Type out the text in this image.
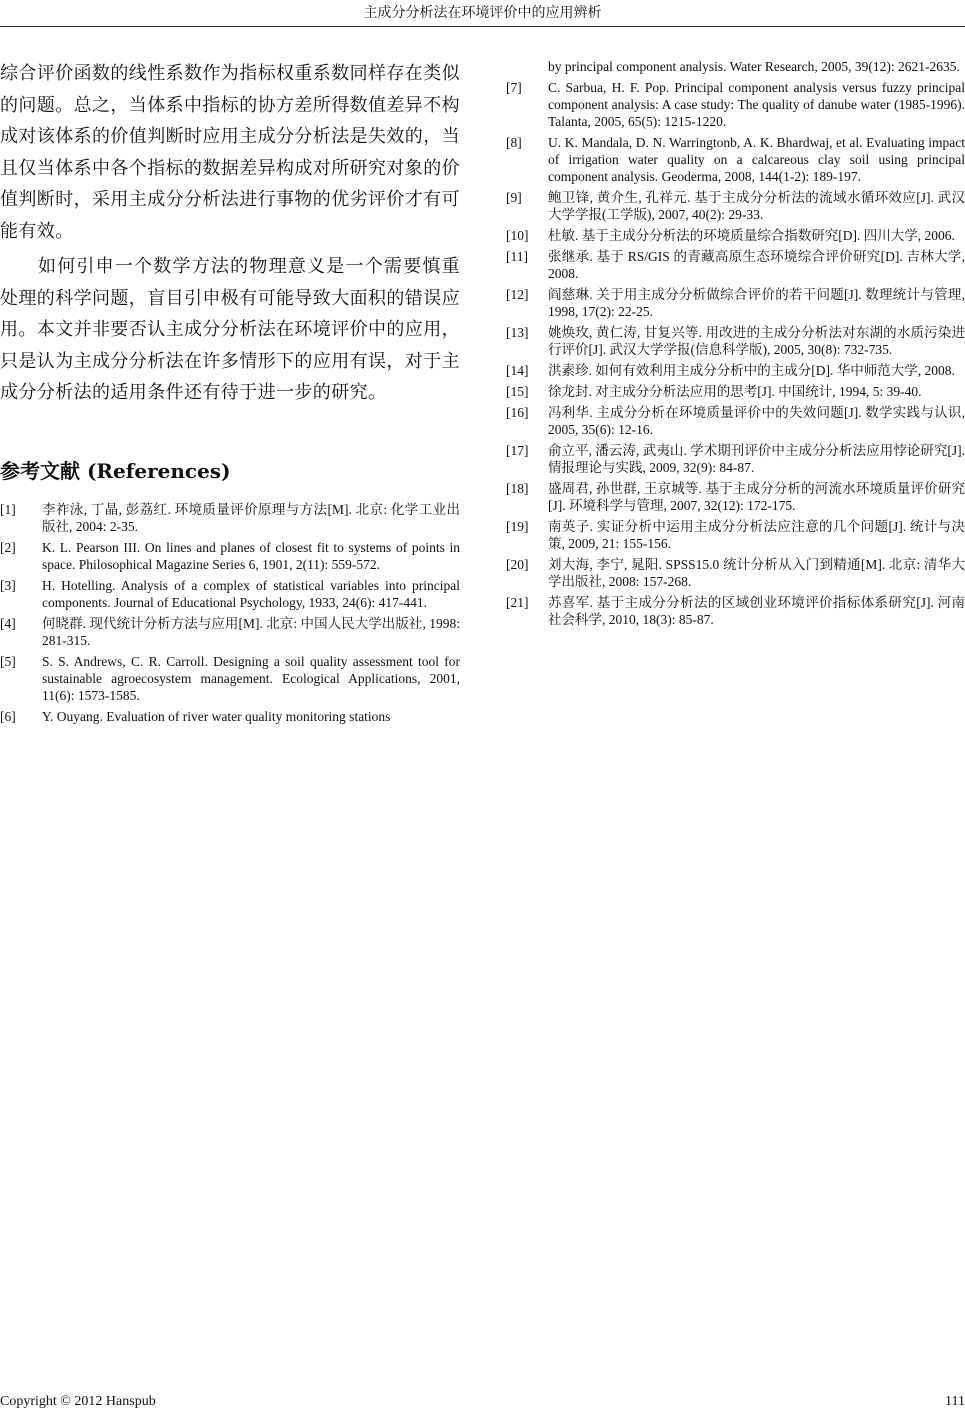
主成分分析法在环境评价中的应用辨析

综合评价函数的线性系数作为指标权重系数同样存在类似的问题。总之，当体系中指标的协方差所得数值差异不构成对该体系的价值判断时应用主成分分析法是失效的，当且仅当体系中各个指标的数据差异构成对所研究对象的价值判断时，采用主成分分析法进行事物的优劣评价才有可能有效。

如何引申一个数学方法的物理意义是一个需要慎重处理的科学问题，盲目引申极有可能导致大面积的错误应用。本文并非要否认主成分分析法在环境评价中的应用，只是认为主成分分析法在许多情形下的应用有误，对于主成分分析法的适用条件还有待于进一步的研究。

参考文献 (References)
[1]	李祚泳, 丁晶, 彭荔红. 环境质量评价原理与方法[M]. 北京: 化学工业出版社, 2004: 2-35.
[2]	K. L. Pearson III. On lines and planes of closest fit to systems of points in space. Philosophical Magazine Series 6, 1901, 2(11): 559-572.
[3]	H. Hotelling. Analysis of a complex of statistical variables into principal components. Journal of Educational Psychology, 1933, 24(6): 417-441.
[4]	何晓群. 现代统计分析方法与应用[M]. 北京: 中国人民大学出版社, 1998: 281-315.
[5]	S. S. Andrews, C. R. Carroll. Designing a soil quality assessment tool for sustainable agroecosystem management. Ecological Applications, 2001, 11(6): 1573-1585.
[6]	Y. Ouyang. Evaluation of river water quality monitoring stations
by principal component analysis. Water Research, 2005, 39(12): 2621-2635.
[7]	C. Sarbua, H. F. Pop. Principal component analysis versus fuzzy principal component analysis: A case study: The quality of danube water (1985-1996). Talanta, 2005, 65(5): 1215-1220.
[8]	U. K. Mandala, D. N. Warringtonb, A. K. Bhardwaj, et al. Evaluating impact of irrigation water quality on a calcareous clay soil using principal component analysis. Geoderma, 2008, 144(1-2): 189-197.
[9]	鲍卫锋, 黄介生, 孔祥元. 基于主成分分析法的流域水循环效应[J]. 武汉大学学报(工学版), 2007, 40(2): 29-33.
[10]	杜敏. 基于主成分分析法的环境质量综合指数研究[D]. 四川大学, 2006.
[11]	张继承. 基于 RS/GIS 的青藏高原生态环境综合评价研究[D]. 吉林大学, 2008.
[12]	阎慈琳. 关于用主成分分析做综合评价的若干问题[J]. 数理统计与管理, 1998, 17(2): 22-25.
[13]	姚焕玫, 黄仁涛, 甘复兴等. 用改进的主成分分析法对东湖的水质污染进行评价[J]. 武汉大学学报(信息科学版), 2005, 30(8): 732-735.
[14]	洪素珍. 如何有效利用主成分分析中的主成分[D]. 华中师范大学, 2008.
[15]	徐龙封. 对主成分分析法应用的思考[J]. 中国统计, 1994, 5: 39-40.
[16]	冯利华. 主成分分析在环境质量评价中的失效问题[J]. 数学实践与认识, 2005, 35(6): 12-16.
[17]	俞立平, 潘云涛, 武夷山. 学术期刊评价中主成分分析法应用悖论研究[J]. 情报理论与实践, 2009, 32(9): 84-87.
[18]	盛周君, 孙世群, 王京城等. 基于主成分分析的河流水环境质量评价研究[J]. 环境科学与管理, 2007, 32(12): 172-175.
[19]	南英子. 实证分析中运用主成分分析法应注意的几个问题[J]. 统计与决策, 2009, 21: 155-156.
[20]	刘大海, 李宁, 晁阳. SPSS15.0 统计分析从入门到精通[M]. 北京: 清华大学出版社, 2008: 157-268.
[21]	苏喜军. 基于主成分分析法的区域创业环境评价指标体系研究[J]. 河南社会科学, 2010, 18(3): 85-87.
Copyright © 2012 Hanspub	111
